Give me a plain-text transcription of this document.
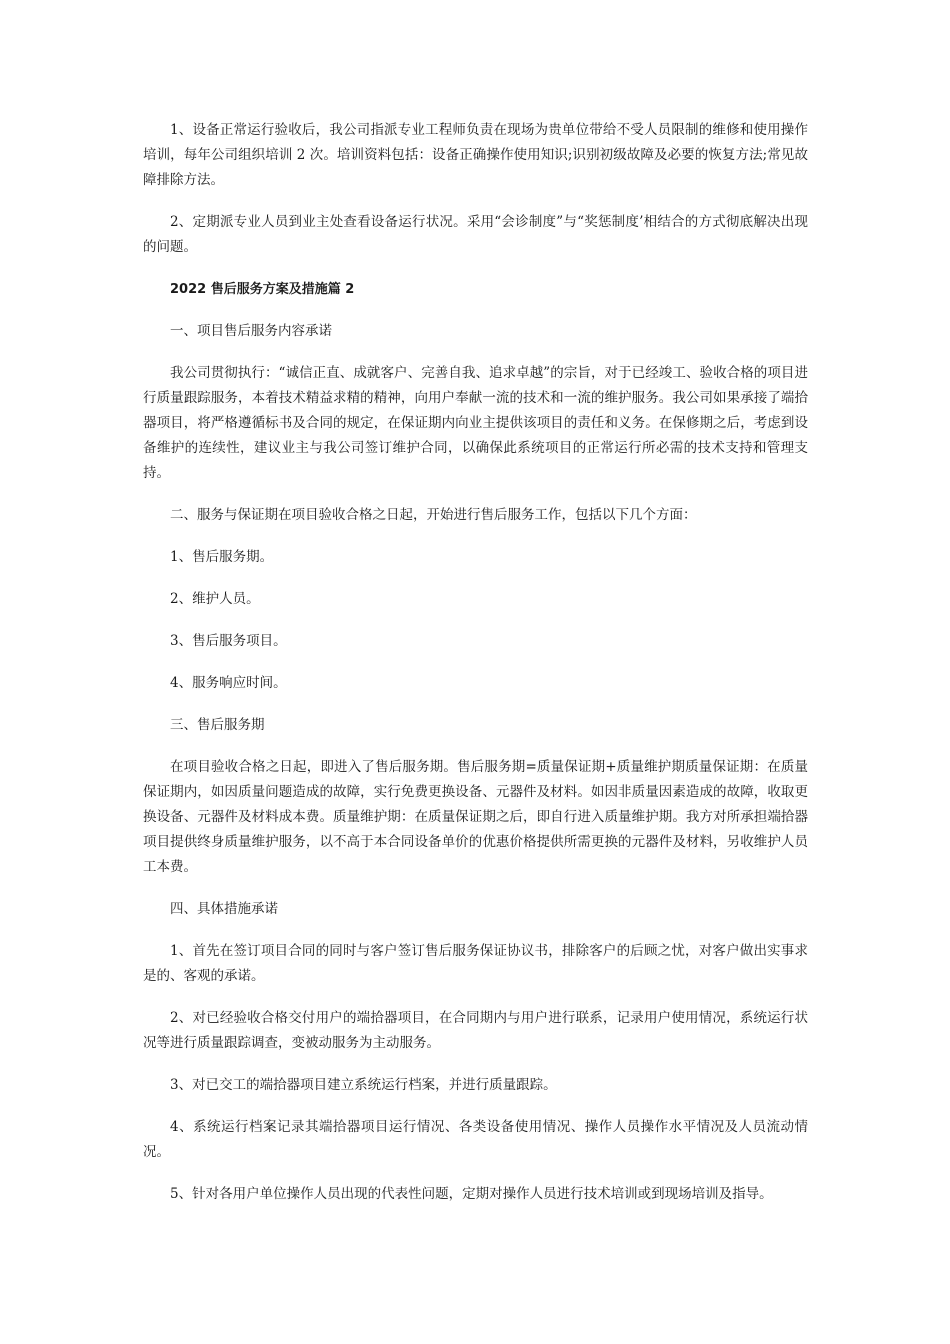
1、设备正常运行验收后，我公司指派专业工程师负责在现场为贵单位带给不受人员限制的维修和使用操作培训，每年公司组织培训 2 次。培训资料包括：设备正确操作使用知识;识别初级故障及必要的恢复方法;常见故障排除方法。

2、定期派专业人员到业主处查看设备运行状况。采用“会诊制度”与“奖惩制度’相结合的方式彻底解决出现的问题。

2022 售后服务方案及措施篇 2

一、项目售后服务内容承诺

我公司贯彻执行：“诚信正直、成就客户、完善自我、追求卓越”的宗旨，对于已经竣工、验收合格的项目进行质量跟踪服务，本着技术精益求精的精神，向用户奉献一流的技术和一流的维护服务。我公司如果承接了端拾器项目，将严格遵循标书及合同的规定，在保证期内向业主提供该项目的责任和义务。在保修期之后，考虑到设备维护的连续性，建议业主与我公司签订维护合同，以确保此系统项目的正常运行所必需的技术支持和管理支持。

二、服务与保证期在项目验收合格之日起，开始进行售后服务工作，包括以下几个方面：

1、售后服务期。

2、维护人员。

3、售后服务项目。

4、服务响应时间。

三、售后服务期

在项目验收合格之日起，即进入了售后服务期。售后服务期=质量保证期+质量维护期质量保证期：在质量保证期内，如因质量问题造成的故障，实行免费更换设备、元器件及材料。如因非质量因素造成的故障，收取更换设备、元器件及材料成本费。质量维护期：在质量保证期之后，即自行进入质量维护期。我方对所承担端拾器项目提供终身质量维护服务，以不高于本合同设备单价的优惠价格提供所需更换的元器件及材料，另收维护人员工本费。

四、具体措施承诺

1、首先在签订项目合同的同时与客户签订售后服务保证协议书，排除客户的后顾之忧，对客户做出实事求是的、客观的承诺。

2、对已经验收合格交付用户的端拾器项目，在合同期内与用户进行联系，记录用户使用情况，系统运行状况等进行质量跟踪调查，变被动服务为主动服务。

3、对已交工的端拾器项目建立系统运行档案，并进行质量跟踪。

4、系统运行档案记录其端拾器项目运行情况、各类设备使用情况、操作人员操作水平情况及人员流动情况。

5、针对各用户单位操作人员出现的代表性问题，定期对操作人员进行技术培训或到现场培训及指导。
